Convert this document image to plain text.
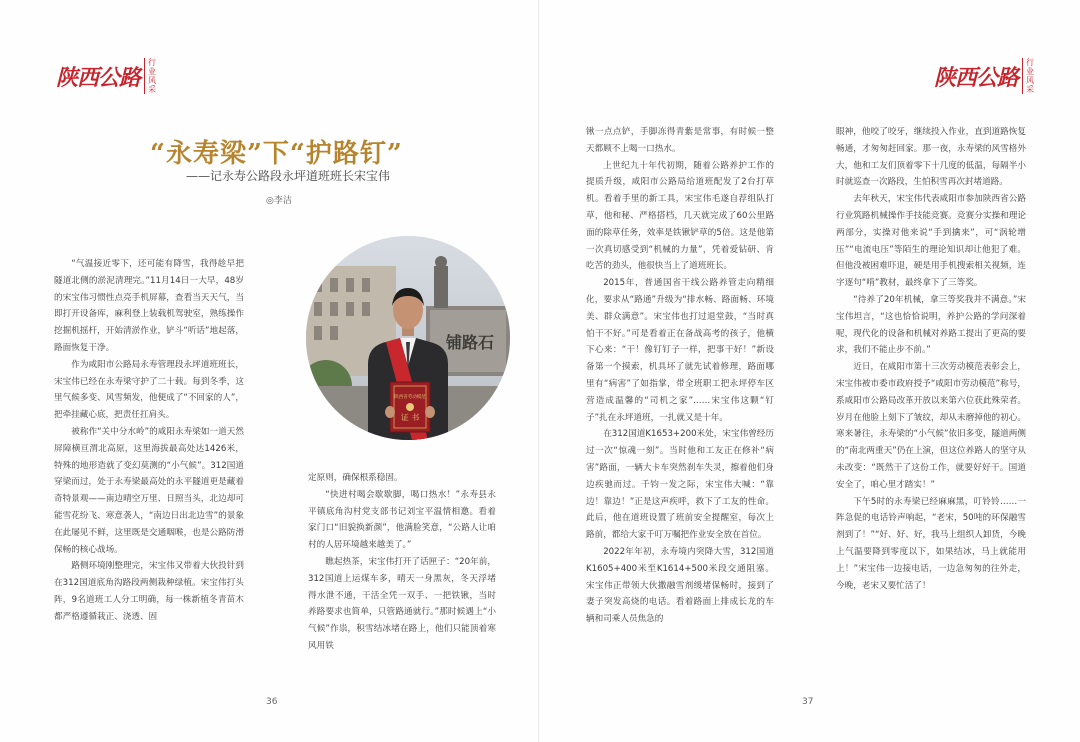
陕西公路
行业风采
“永寿梁”下“护路钉”
——记永寿公路段永坪道班班长宋宝伟
◎李洁

“气温接近零下，还可能有降雪，我得趁早把隧道北侧的淤泥清理完。”11月14日一大早，48岁的宋宝伟习惯性点亮手机屏幕，查看当天天气，当即打开设备库，麻利登上装载机驾驶室，熟练操作挖掘机摇杆，开始清淤作业，铲斗“听话”地起落，路面恢复干净。

作为咸阳市公路局永寿管理段永坪道班班长，宋宝伟已经在永寿梁守护了二十载。每到冬季，这里气候多变、风雪频发，他便成了“不回家的人”，把牵挂藏心底，把责任扛肩头。

被称作“关中分水岭”的咸阳永寿梁如一道天然屏障横亘渭北高原，这里海拔最高处达1426米，特殊的地形造就了变幻莫测的“小气候”。312国道穿梁而过，处于永寿梁最高处的永平隧道更是藏着奇特景观——南边晴空万里、日照当头，北边却可能雪花纷飞、寒意袭人，“南边日出北边雪”的景象在此屡见不鲜，这里既是交通咽喉，也是公路防滑保畅的核心战场。

路侧环境刚整理完，宋宝伟又带着大伙投针到在312国道底角沟路段两侧栽种绿植。宋宝伟打头阵，9名道班工人分工明确，每一株新植冬青苗木都严格遵循栽正、浇透、固

铺路石
陕西省劳动模范
证 书

定原则，确保根系稳固。

“快进村喝会歇歇脚，喝口热水！”永寿县永平镇底角沟村党支部书记刘宝平温情相邀。看着家门口“旧貌换新颜”，他满脸笑意，“公路人让咱村的人居环境越来越美了。”

瞧起热茶，宋宝伟打开了话匣子：“20年前，312国道上运煤车多，晴天一身黑灰，冬天浮堵得水泄不通，干活全凭一双手、一把铁锹，当时养路要求也简单，只管路通就行。”那时候遇上“小气候”作祟，积雪结冰堵在路上，他们只能顶着寒风用铁

36
陕西公路
行业风采

锹一点点铲，手脚冻得青紫是常事，有时候一整天都顾不上喝一口热水。

上世纪九十年代初期，随着公路养护工作的提质升级，咸阳市公路局给道班配发了2台打草机。看着手里的新工具，宋宝伟毛遂自荐组队打草，他和秘、严格搭档，几天就完成了60公里路面的除草任务，效率是铁锹铲草的5倍。这是他第一次真切感受到“机械的力量”，凭着爱钻研、肯吃苦的劲头，他很快当上了道班班长。

2015年，普通国省干线公路养管走向精细化，要求从“路通”升级为“排水畅、路面畅、环境美、群众满意”。宋宝伟也打过退堂鼓，“当时真怕干不好。”可是看着正在备战高考的孩子，他横下心来：“干！像钉钉子一样，把事干好！”新设备第一个摸索，机具坏了就先试着修理，路面哪里有“病害”了如指掌，带全班职工把永坪停车区营造成温馨的“司机之家”……宋宝伟这颗“钉子”扎在永坪道班，一扎就又是十年。

在312国道K1653+200米处，宋宝伟曾经历过一次“惊魂一刻”。当时他和工友正在修补“病害”路面，一辆大卡车突然刹车失灵，擦着他们身边疾驰而过。千钧一发之际，宋宝伟大喊：“靠边！靠边！”正是这声疾呼，救下了工友的性命。此后，他在道班设置了班前安全提醒室，每次上路前，都给大家千叮万嘱把作业安全放在首位。

2022年年初，永寿境内突降大雪，312国道K1605+400米至K1614+500米段交通阻塞。宋宝伟正带领大伙撒融雪剂缓堵保畅时，接到了妻子突发高烧的电话。看着路面上排成长龙的车辆和司乘人员焦急的

眼神，他咬了咬牙，继续投入作业，直到道路恢复畅通，才匆匆赶回家。那一夜，永寿梁的风雪格外大，他和工友们顶着零下十几度的低温，每隔半小时就巡查一次路段，生怕积雪再次封堵道路。

去年秋天，宋宝伟代表咸阳市参加陕西省公路行业筑路机械操作手技能竞赛。竞赛分实操和理论两部分，实操对他来说“手到擒来”，可“涡轮增压”“电流电压”等陌生的理论知识却让他犯了难。但他没被困难吓退，硬是用手机搜索相关视频，连字逐句“啃”教材，最终拿下了三等奖。

“待养了20年机械，拿三等奖我并不满意。”宋宝伟坦言，“这也恰恰说明，养护公路的学问深着呢，现代化的设备和机械对养路工提出了更高的要求，我们不能止步不前。”

近日，在咸阳市第十三次劳动模范表彰会上，宋宝伟被市委市政府授予“咸阳市劳动模范”称号，系咸阳市公路局改革开放以来第六位获此殊荣者。岁月在他脸上刻下了皱纹，却从未磨掉他的初心。寒来暑往，永寿梁的“小气候”依旧多变，隧道两侧的“南北两重天”仍在上演，但这位养路人的坚守从未改变：“既然干了这份工作，就要好好干。国道安全了，咱心里才踏实！”

下午5时的永寿梁已经麻麻黑，叮铃铃……一阵急促的电话铃声响起，“老宋，50吨的环保融雪剂到了！”“好、好、好，我马上组织人卸货，今晚上气温要降到零度以下，如果结冰，马上就能用上！”宋宝伟一边接电话，一边急匆匆的往外走，今晚，老宋又要忙活了！

37
